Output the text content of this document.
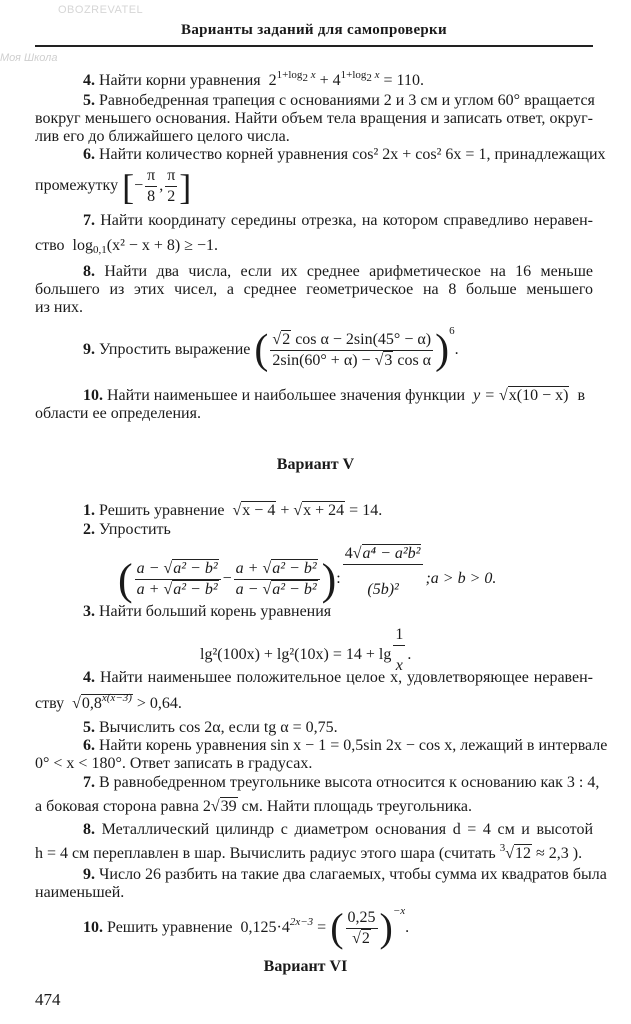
Моя Школа
OBOZREVATEL
Варианты заданий для самопроверки
4. Найти корни уравнения $2^{1+log_2 x} + 4^{1+log_2 x} = 110$.
5. Равнобедренная трапеция с основаниями 2 и 3 см и углом 60° вращается
вокруг меньшего основания. Найти объем тела вращения и записать ответ, округ-
лив его до ближайшего целого числа.
6. Найти количество корней уравнения cos² 2x + cos² 6x = 1, принадлежащих
промежутку [− $\frac{\pi}{8}$ , $\frac{\pi}{2}$ ]
7. Найти координату середины отрезка, на котором справедливо неравен-
ство $\log_{0,1}(x^2 - x + 8) \ge -1$.
8. Найти два числа, если их среднее арифметическое на 16 меньше
большего из этих чисел, а среднее геометрическое на 8 больше меньшего
из них.
9. Упростить выражение ( $\frac{\text{√2 cos α − 2sin(45° − α)}}{\text{2sin(60° + α) − √3 cos α}} )^6$.
10. Найти наименьшее и наибольшее значения функции y = √x(10 − x) в
области ее определения.
Вариант V
1. Решить уравнение  √x − 4 + √x + 24 = 14.
2. Упростить
( $\frac{\text{a − √a² − b²}}{\text{a + √a² − b²}} - \frac{\text{a + √a² − b²}}{\text{a − √a² − b²}}$ ): $\frac{\text{4√a⁴ − a²b²}}{\text{(5b)²}}$ ;a > b > 0.
3. Найти больший корень уравнения
$\lg^2(100x) + \lg^2(10x) = 14 + \lg \frac{1}{x}$ .
4. Найти наименьшее положительное целое x, удовлетворяющее неравен-
ству  $√0,8^{x(x-3)} > 0,64$.
5. Вычислить cos 2α, если tg α = 0,75.
6. Найти корень уравнения sin x − 1 = 0,5sin 2x − cos x, лежащий в интервале
0° < x < 180°. Ответ записать в градусах.
7. В равнобедренном треугольнике высота относится к основанию как 3 : 4,
а боковая сторона равна 2√39 см. Найти площадь треугольника.
8. Металлический цилиндр с диаметром основания d = 4 см и высотой
h = 4 см переплавлен в шар. Вычислить радиус этого шара (считать $^3$√12 ≈ 2,3 ).
9. Число 26 разбить на такие два слагаемых, чтобы сумма их квадратов была
наименьшей.
10. Решить уравнение $0,125\cdot 4^{2x-3}$ = ( $\frac{0,25}{√2} )^{-x}$.
Вариант VI
474
